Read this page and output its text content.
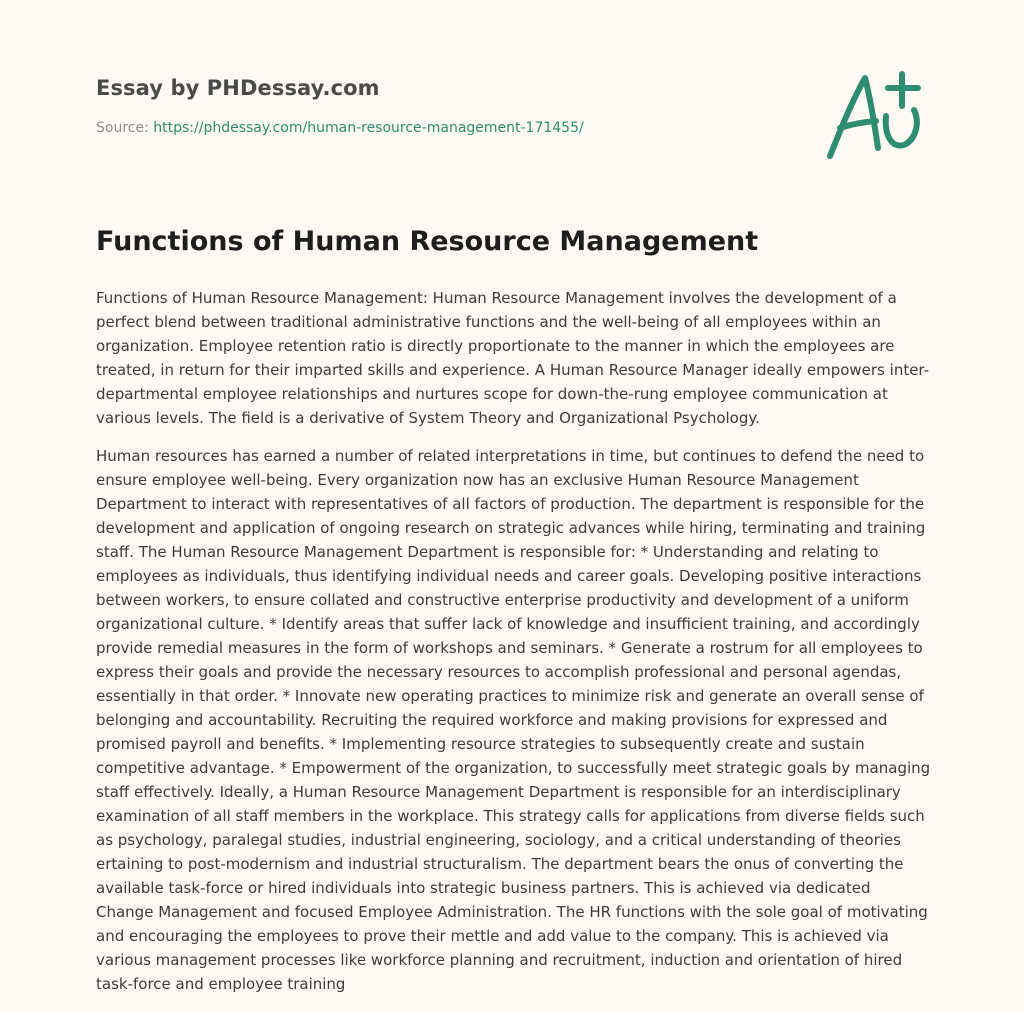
Essay by PHDessay.com
Source: https://phdessay.com/human-resource-management-171455/
Functions of Human Resource Management

Functions of Human Resource Management: Human Resource Management involves the development of a perfect blend between traditional administrative functions and the well-being of all employees within an organization. Employee retention ratio is directly proportionate to the manner in which the employees are treated, in return for their imparted skills and experience. A Human Resource Manager ideally empowers inter-departmental employee relationships and nurtures scope for down-the-rung employee communication at various levels. The field is a derivative of System Theory and Organizational Psychology.

Human resources has earned a number of related interpretations in time, but continues to defend the need to ensure employee well-being. Every organization now has an exclusive Human Resource Management Department to interact with representatives of all factors of production. The department is responsible for the development and application of ongoing research on strategic advances while hiring, terminating and training staff. The Human Resource Management Department is responsible for: * Understanding and relating to employees as individuals, thus identifying individual needs and career goals. Developing positive interactions between workers, to ensure collated and constructive enterprise productivity and development of a uniform organizational culture. * Identify areas that suffer lack of knowledge and insufficient training, and accordingly provide remedial measures in the form of workshops and seminars. * Generate a rostrum for all employees to express their goals and provide the necessary resources to accomplish professional and personal agendas, essentially in that order. * Innovate new operating practices to minimize risk and generate an overall sense of belonging and accountability. Recruiting the required workforce and making provisions for expressed and promised payroll and benefits. * Implementing resource strategies to subsequently create and sustain competitive advantage. * Empowerment of the organization, to successfully meet strategic goals by managing staff effectively. Ideally, a Human Resource Management Department is responsible for an interdisciplinary examination of all staff members in the workplace. This strategy calls for applications from diverse fields such as psychology, paralegal studies, industrial engineering, sociology, and a critical understanding of theories ertaining to post-modernism and industrial structuralism. The department bears the onus of converting the available task-force or hired individuals into strategic business partners. This is achieved via dedicated Change Management and focused Employee Administration. The HR functions with the sole goal of motivating and encouraging the employees to prove their mettle and add value to the company. This is achieved via various management processes like workforce planning and recruitment, induction and orientation of hired task-force and employee training
